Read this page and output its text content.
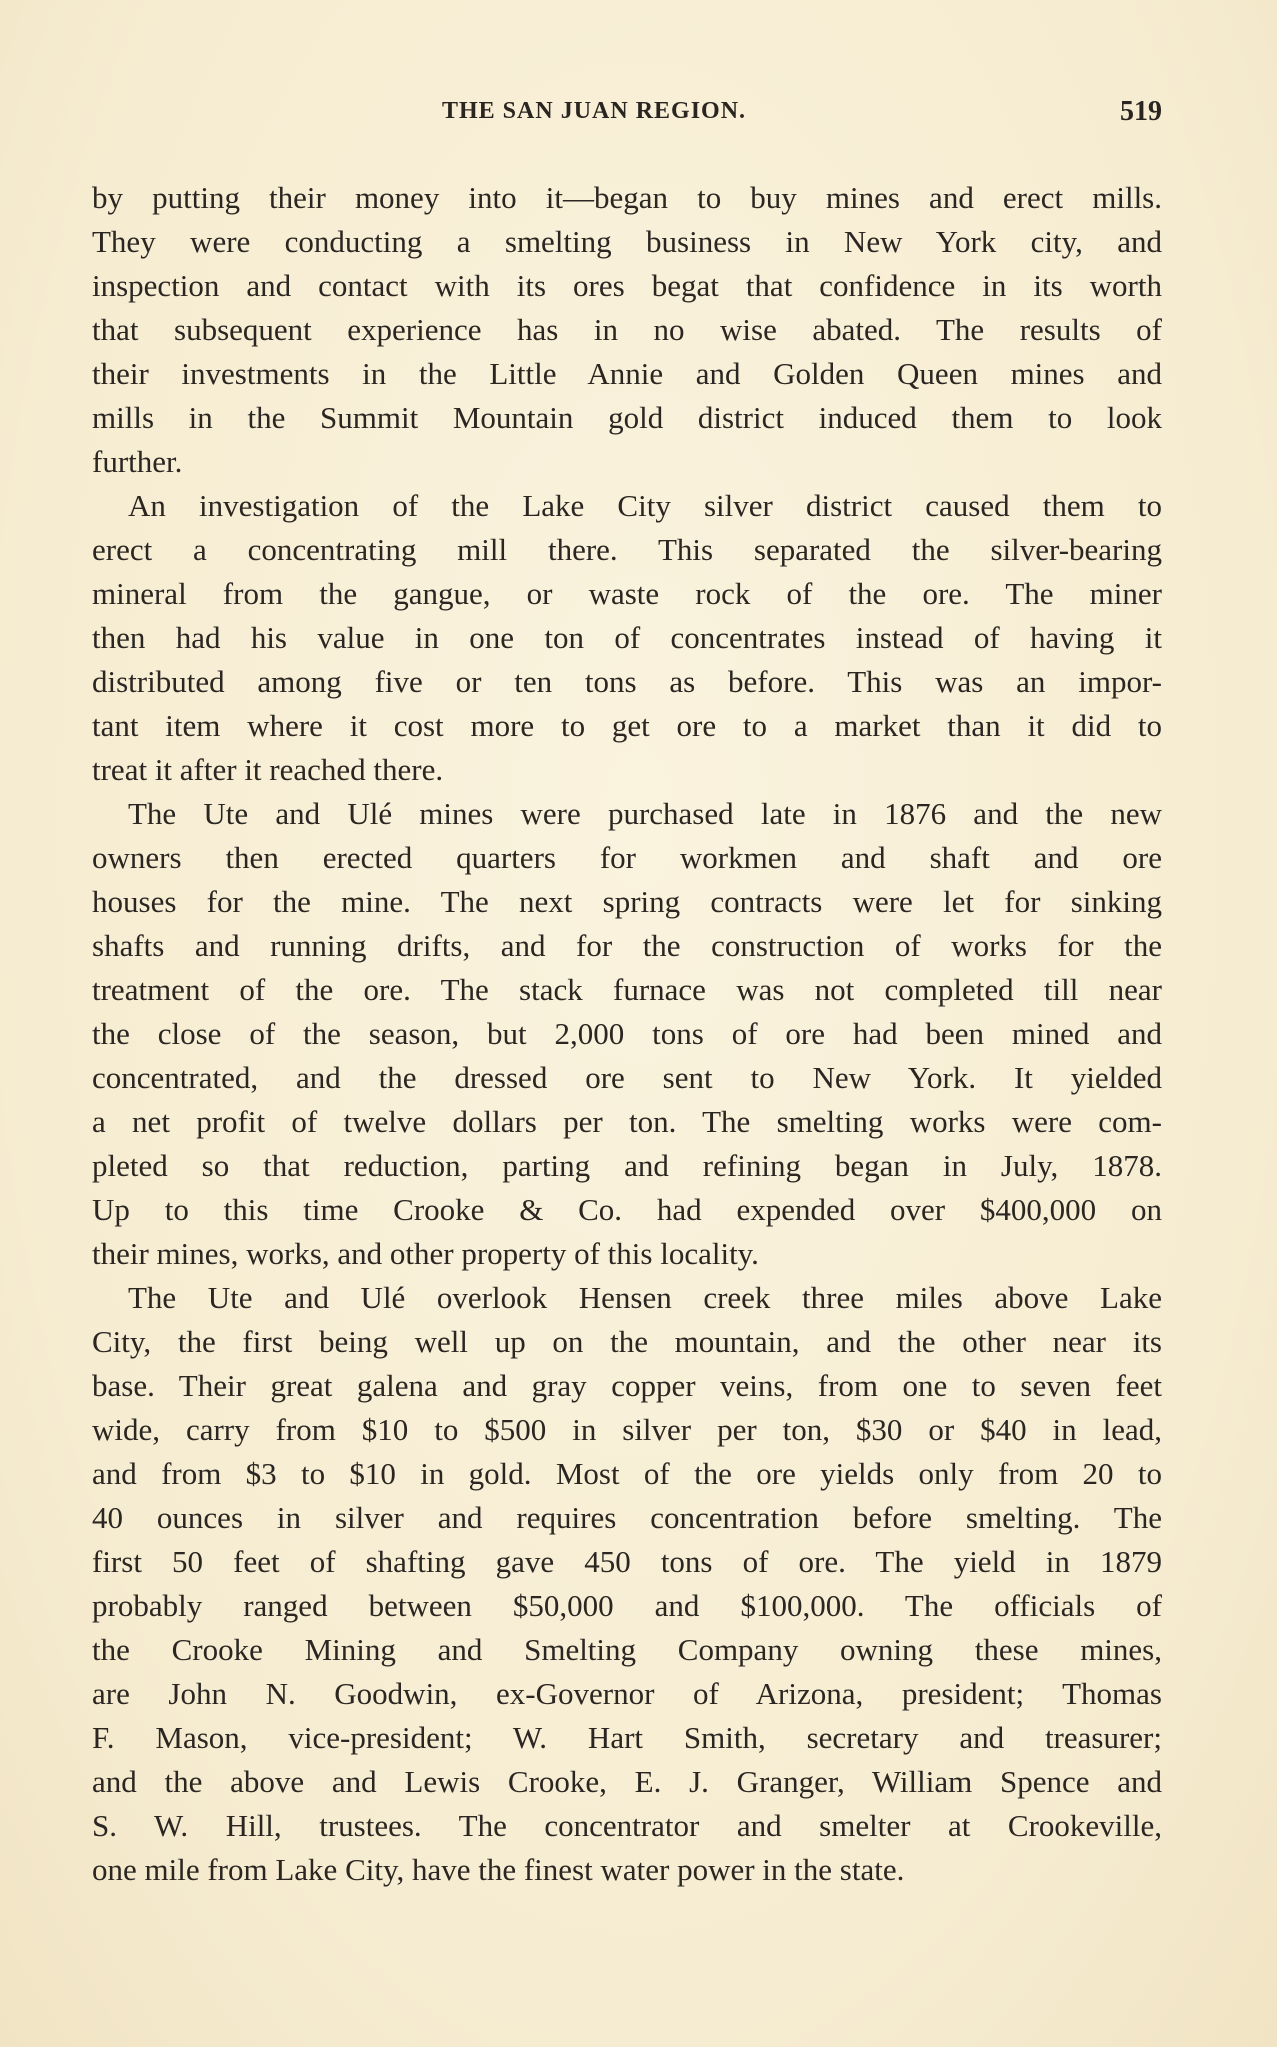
THE SAN JUAN REGION.	519
by putting their money into it—began to buy mines and erect mills.
They were conducting a smelting business in New York city, and
inspection and contact with its ores begat that confidence in its worth
that subsequent experience has in no wise abated. The results of
their investments in the Little Annie and Golden Queen mines and
mills in the Summit Mountain gold district induced them to look
further.
An investigation of the Lake City silver district caused them to
erect a concentrating mill there. This separated the silver-bearing
mineral from the gangue, or waste rock of the ore. The miner
then had his value in one ton of concentrates instead of having it
distributed among five or ten tons as before. This was an impor-
tant item where it cost more to get ore to a market than it did to
treat it after it reached there.
The Ute and Ulé mines were purchased late in 1876 and the new
owners then erected quarters for workmen and shaft and ore
houses for the mine. The next spring contracts were let for sinking
shafts and running drifts, and for the construction of works for the
treatment of the ore. The stack furnace was not completed till near
the close of the season, but 2,000 tons of ore had been mined and
concentrated, and the dressed ore sent to New York. It yielded
a net profit of twelve dollars per ton. The smelting works were com-
pleted so that reduction, parting and refining began in July, 1878.
Up to this time Crooke & Co. had expended over $400,000 on
their mines, works, and other property of this locality.
The Ute and Ulé overlook Hensen creek three miles above Lake
City, the first being well up on the mountain, and the other near its
base. Their great galena and gray copper veins, from one to seven feet
wide, carry from $10 to $500 in silver per ton, $30 or $40 in lead,
and from $3 to $10 in gold. Most of the ore yields only from 20 to
40 ounces in silver and requires concentration before smelting. The
first 50 feet of shafting gave 450 tons of ore. The yield in 1879
probably ranged between $50,000 and $100,000. The officials of
the Crooke Mining and Smelting Company owning these mines,
are John N. Goodwin, ex-Governor of Arizona, president; Thomas
F. Mason, vice-president; W. Hart Smith, secretary and treasurer;
and the above and Lewis Crooke, E. J. Granger, William Spence and
S. W. Hill, trustees. The concentrator and smelter at Crookeville,
one mile from Lake City, have the finest water power in the state.
